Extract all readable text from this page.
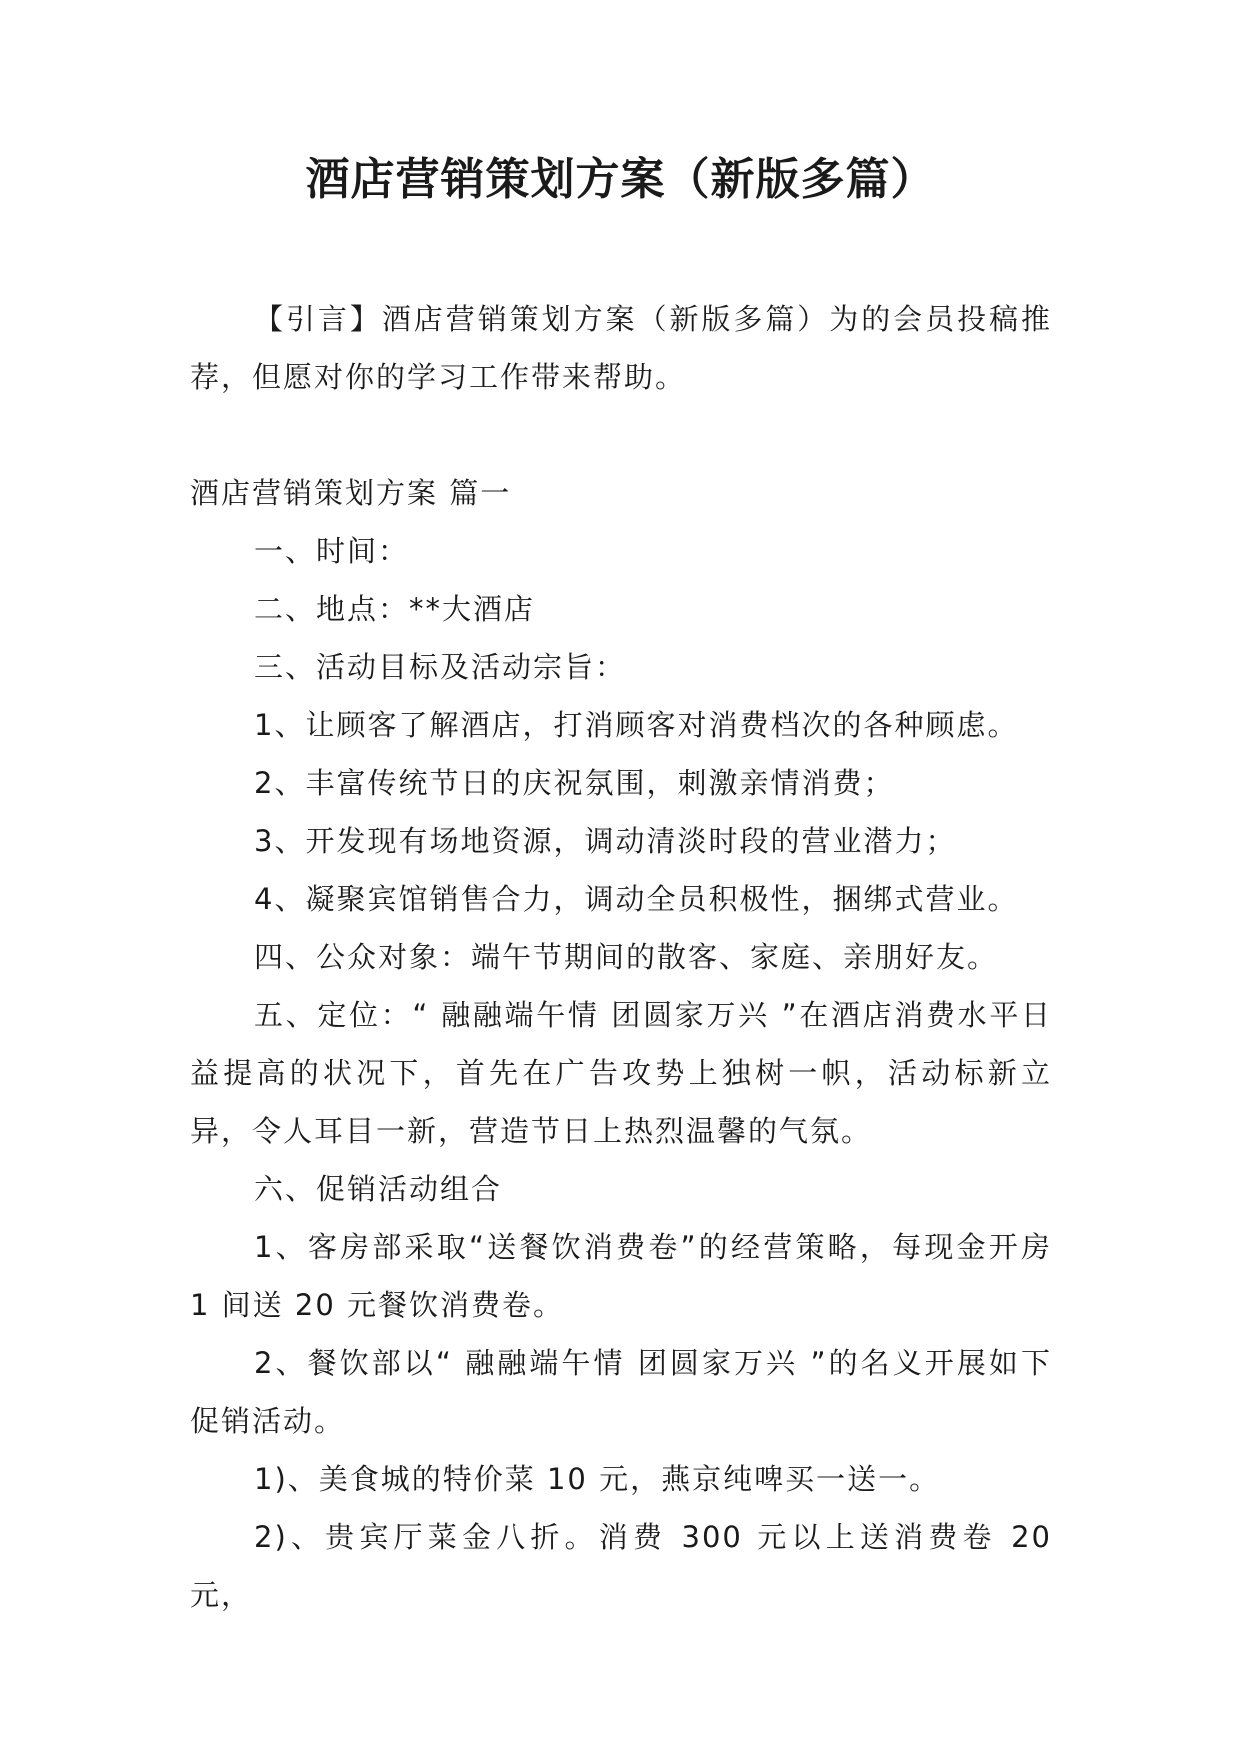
酒店营销策划方案（新版多篇）

【引言】酒店营销策划方案（新版多篇）为的会员投稿推荐，但愿对你的学习工作带来帮助。

酒店营销策划方案 篇一

一、时间：

二、地点：**大酒店

三、活动目标及活动宗旨：

1、让顾客了解酒店，打消顾客对消费档次的各种顾虑。

2、丰富传统节日的庆祝氛围，刺激亲情消费；

3、开发现有场地资源，调动清淡时段的营业潜力；

4、凝聚宾馆销售合力，调动全员积极性，捆绑式营业。

四、公众对象：端午节期间的散客、家庭、亲朋好友。

五、定位：“ 融融端午情 团圆家万兴 ”在酒店消费水平日益提高的状况下，首先在广告攻势上独树一帜，活动标新立异，令人耳目一新，营造节日上热烈温馨的气氛。

六、促销活动组合

1、客房部采取“送餐饮消费卷”的经营策略，每现金开房 1 间送 20 元餐饮消费卷。

2、餐饮部以“ 融融端午情 团圆家万兴 ”的名义开展如下促销活动。

1)、美食城的特价菜 10 元，燕京纯啤买一送一。

2)、贵宾厅菜金八折。消费 300 元以上送消费卷 20 元，
